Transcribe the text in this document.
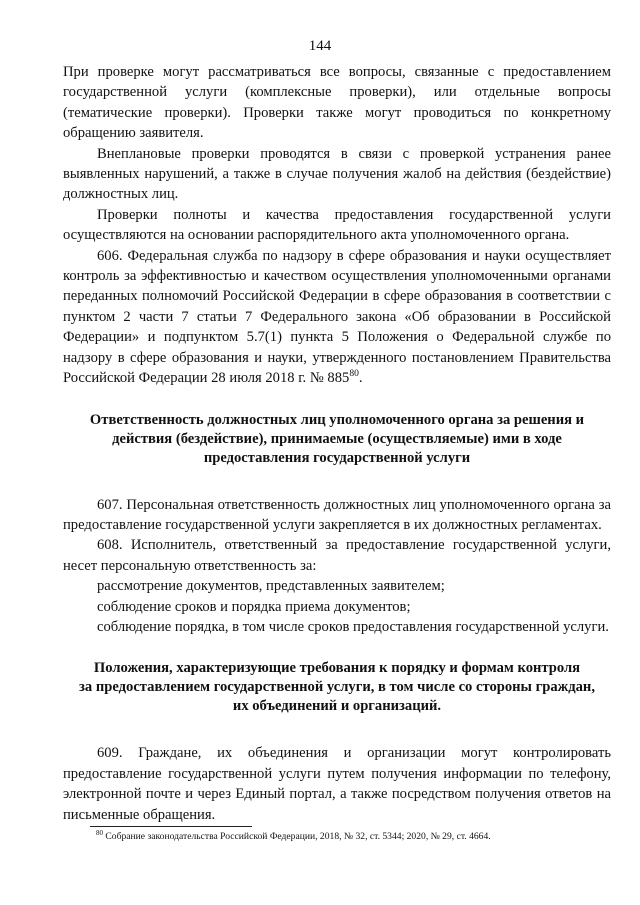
144

При проверке могут рассматриваться все вопросы, связанные с предоставлением государственной услуги (комплексные проверки), или отдельные вопросы (тематические проверки). Проверки также могут проводиться по конкретному обращению заявителя.

Внеплановые проверки проводятся в связи с проверкой устранения ранее выявленных нарушений, а также в случае получения жалоб на действия (бездействие) должностных лиц.

Проверки полноты и качества предоставления государственной услуги осуществляются на основании распорядительного акта уполномоченного органа.

606. Федеральная служба по надзору в сфере образования и науки осуществляет контроль за эффективностью и качеством осуществления уполномоченными органами переданных полномочий Российской Федерации в сфере образования в соответствии с пунктом 2 части 7 статьи 7 Федерального закона «Об образовании в Российской Федерации» и подпунктом 5.7(1) пункта 5 Положения о Федеральной службе по надзору в сфере образования и науки, утвержденного постановлением Правительства Российской Федерации 28 июля 2018 г. № $885^{80}$.

Ответственность должностных лиц уполномоченного органа за решения и
действия (бездействие), принимаемые (осуществляемые) ими в ходе
предоставления государственной услуги

607. Персональная ответственность должностных лиц уполномоченного органа за предоставление государственной услуги закрепляется в их должностных регламентах.

608. Исполнитель, ответственный за предоставление государственной услуги, несет персональную ответственность за:

рассмотрение документов, представленных заявителем;

соблюдение сроков и порядка приема документов;

соблюдение порядка, в том числе сроков предоставления государственной услуги.

Положения, характеризующие требования к порядку и формам контроля
за предоставлением государственной услуги, в том числе со стороны граждан,
их объединений и организаций.

609. Граждане, их объединения и организации могут контролировать предоставление государственной услуги путем получения информации по телефону, электронной почте и через Единый портал, а также посредством получения ответов на письменные обращения.

$^{80}$ Собрание законодательства Российской Федерации, 2018, № 32, ст. 5344; 2020, № 29, ст. 4664.
